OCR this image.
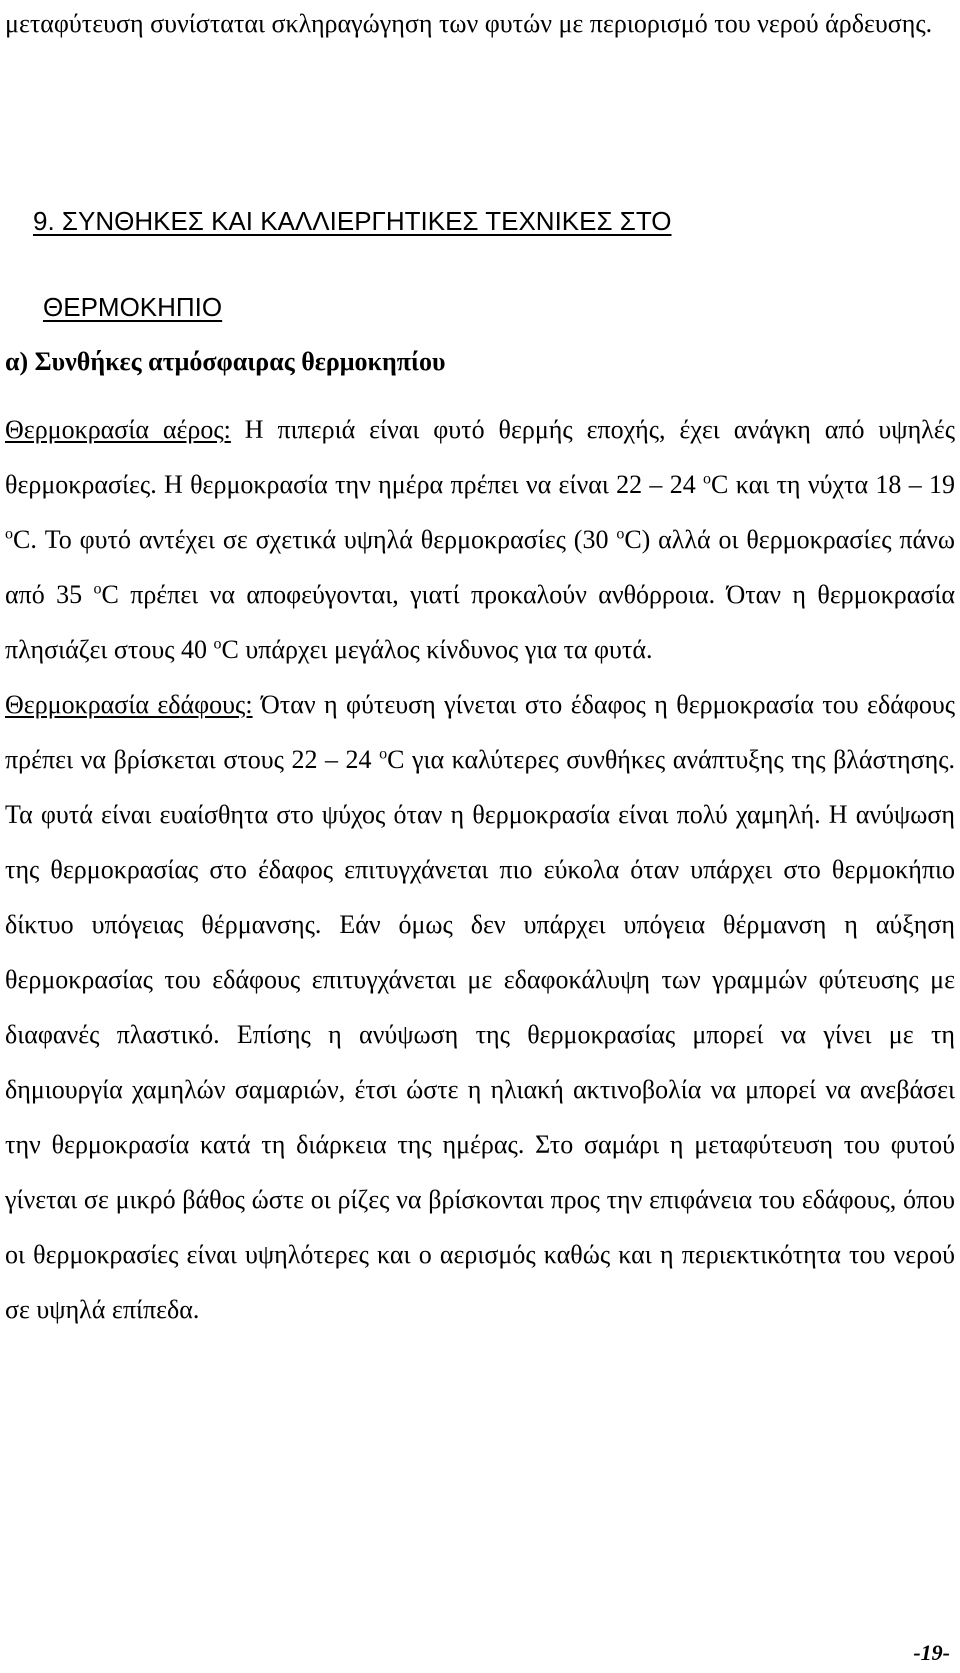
μεταφύτευση συνίσταται σκληραγώγηση των φυτών με περιορισμό του νερού άρδευσης.

9. ΣΥΝΘΗΚΕΣ ΚΑΙ ΚΑΛΛΙΕΡΓΗΤΙΚΕΣ ΤΕΧΝΙΚΕΣ ΣΤΟ
ΘΕΡΜΟΚΗΠΙΟ
α) Συνθήκες ατμόσφαιρας θερμοκηπίου

Θερμοκρασία αέρος: Η πιπεριά είναι φυτό θερμής εποχής, έχει ανάγκη από υψηλές θερμοκρασίες. Η θερμοκρασία την ημέρα πρέπει να είναι 22 – 24 $^o$C και τη νύχτα 18 – 19 $^o$C. Το φυτό αντέχει σε σχετικά υψηλά θερμοκρασίες (30 $^o$C) αλλά οι θερμοκρασίες πάνω από 35 $^o$C πρέπει να αποφεύγονται, γιατί προκαλούν ανθόρροια. Όταν η θερμοκρασία πλησιάζει στους 40 $^o$C υπάρχει μεγάλος κίνδυνος για τα φυτά.

Θερμοκρασία εδάφους: Όταν η φύτευση γίνεται στο έδαφος η θερμοκρασία του εδάφους πρέπει να βρίσκεται στους 22 – 24 $^o$C για καλύτερες συνθήκες ανάπτυξης της βλάστησης. Τα φυτά είναι ευαίσθητα στο ψύχος όταν η θερμοκρασία είναι πολύ χαμηλή. Η ανύψωση της θερμοκρασίας στο έδαφος επιτυγχάνεται πιο εύκολα όταν υπάρχει στο θερμοκήπιο δίκτυο υπόγειας θέρμανσης. Εάν όμως δεν υπάρχει υπόγεια θέρμανση η αύξηση θερμοκρασίας του εδάφους επιτυγχάνεται με εδαφοκάλυψη των γραμμών φύτευσης με διαφανές πλαστικό. Επίσης η ανύψωση της θερμοκρασίας μπορεί να γίνει με τη δημιουργία χαμηλών σαμαριών, έτσι ώστε η ηλιακή ακτινοβολία να μπορεί να ανεβάσει την θερμοκρασία κατά τη διάρκεια της ημέρας. Στο σαμάρι η μεταφύτευση του φυτού γίνεται σε μικρό βάθος ώστε οι ρίζες να βρίσκονται προς την επιφάνεια του εδάφους, όπου οι θερμοκρασίες είναι υψηλότερες και ο αερισμός καθώς και η περιεκτικότητα του νερού σε υψηλά επίπεδα.

-19-
